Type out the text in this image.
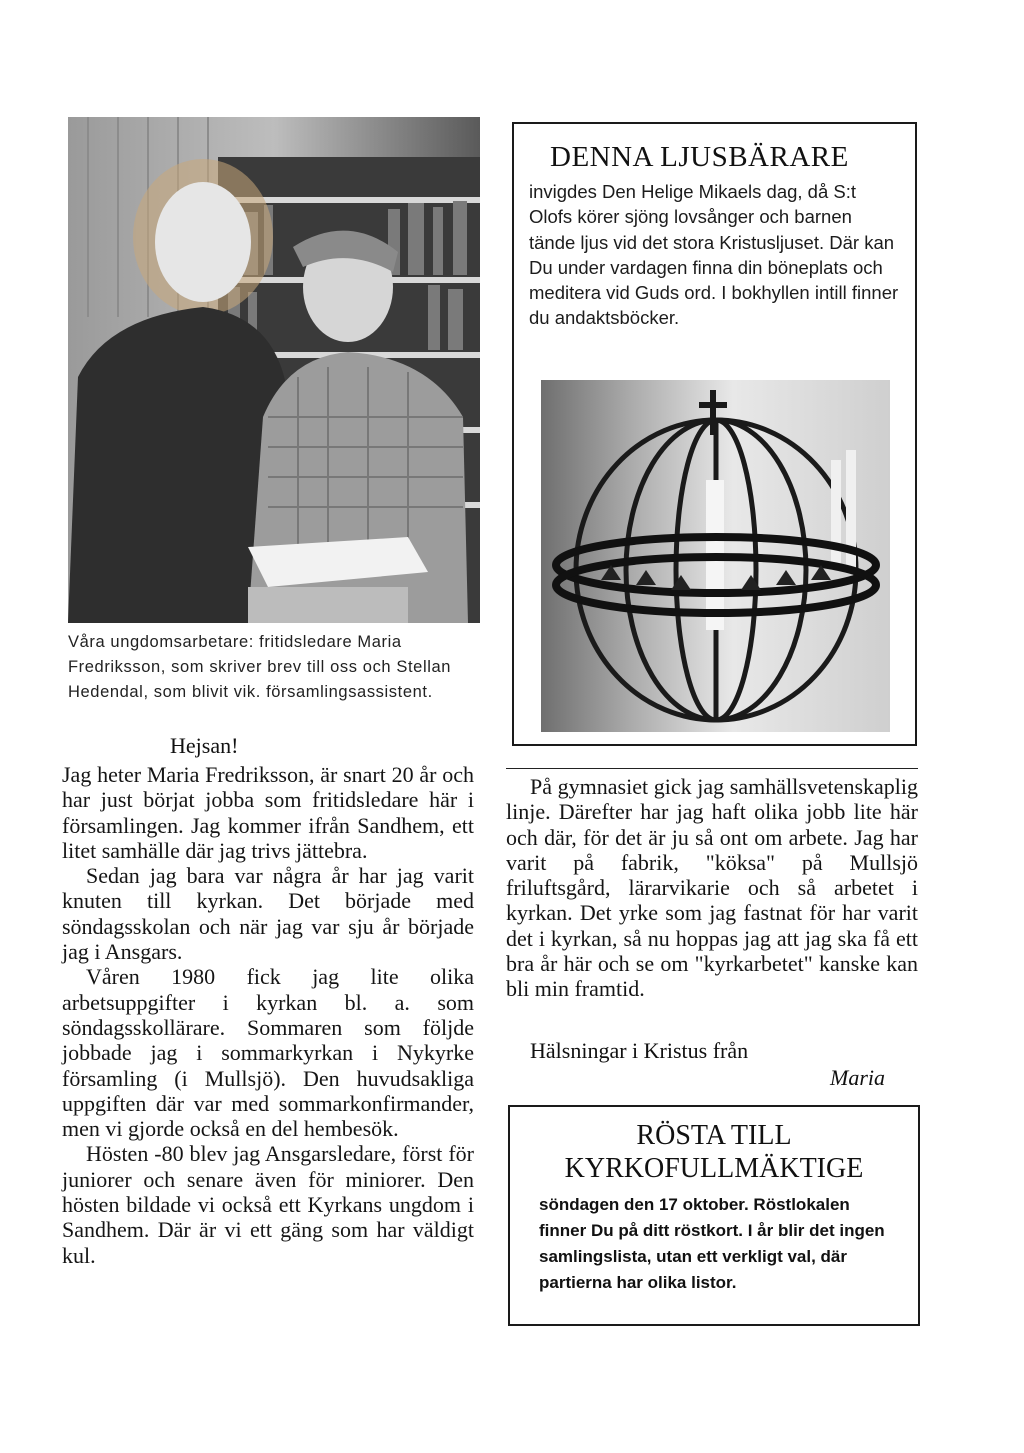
Våra ungdomsarbetare: fritidsledare Maria Fredriksson, som skriver brev till oss och Stellan Hedendal, som blivit vik. församlingsassistent.
DENNA LJUSBÄRARE
invigdes Den Helige Mikaels dag, då S:t Olofs körer sjöng lovsånger och barnen tände ljus vid det stora Kristusljuset. Där kan Du under vardagen finna din böneplats och meditera vid Guds ord. I bokhyllen intill finner du andaktsböcker.
Hejsan!

Jag heter Maria Fredriksson, är snart 20 år och har just börjat jobba som fritidsledare här i församlingen. Jag kommer ifrån Sandhem, ett litet samhälle där jag trivs jättebra.

Sedan jag bara var några år har jag varit knuten till kyrkan. Det började med söndagsskolan och när jag var sju år började jag i Ansgars.

Våren 1980 fick jag lite olika arbetsuppgifter i kyrkan bl. a. som söndagsskollärare. Sommaren som följde jobbade jag i sommarkyrkan i Nykyrke församling (i Mullsjö). Den huvudsakliga uppgiften där var med sommarkonfirmander, men vi gjorde också en del hembesök.

Hösten -80 blev jag Ansgarsledare, först för juniorer och senare även för miniorer. Den hösten bildade vi också ett Kyrkans ungdom i Sandhem. Där är vi ett gäng som har väldigt kul.

På gymnasiet gick jag samhällsvetenskaplig linje. Därefter har jag haft olika jobb lite här och där, för det är ju så ont om arbete. Jag har varit på fabrik, "köksa" på Mullsjö friluftsgård, lärarvikarie och så arbetet i kyrkan. Det yrke som jag fastnat för har varit det i kyrkan, så nu hoppas jag att jag ska få ett bra år här och se om "kyrkarbetet" kanske kan bli min framtid.

Hälsningar i Kristus från
Maria
RÖSTA TILL
KYRKOFULLMÄKTIGE
söndagen den 17 oktober. Röstlokalen finner Du på ditt röstkort. I år blir det ingen samlingslista, utan ett verkligt val, där partierna har olika listor.
